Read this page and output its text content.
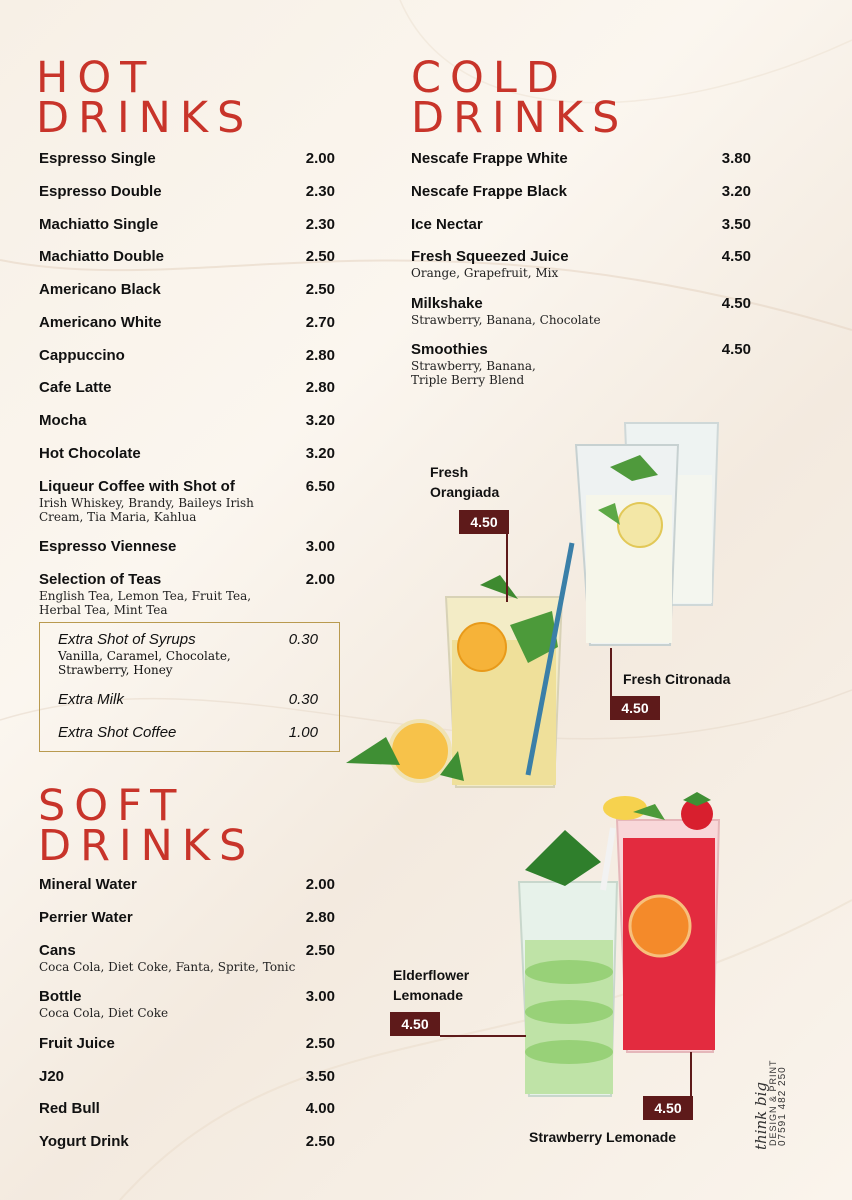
HOT
DRINKS
Espresso Single	2.00
Espresso Double	2.30
Machiatto Single	2.30
Machiatto Double	2.50
Americano Black	2.50
Americano White	2.70
Cappuccino	2.80
Cafe Latte	2.80
Mocha	3.20
Hot Chocolate	3.20
Liqueur Coffee with Shot of	6.50
Irish Whiskey, Brandy, Baileys Irish Cream, Tia Maria, Kahlua
Espresso Viennese	3.00
Selection of Teas	2.00
English Tea, Lemon Tea, Fruit Tea, Herbal Tea, Mint Tea
Extra Shot of Syrups	0.30
Vanilla, Caramel, Chocolate, Strawberry, Honey
Extra Milk	0.30
Extra Shot Coffee	1.00
COLD
DRINKS
Nescafe Frappe White	3.80
Nescafe Frappe Black	3.20
Ice Nectar	3.50
Fresh Squeezed Juice	4.50
Orange, Grapefruit, Mix
Milkshake	4.50
Strawberry, Banana, Chocolate
Smoothies	4.50
Strawberry, Banana, Triple Berry Blend
SOFT
DRINKS
Mineral Water	2.00
Perrier Water	2.80
Cans	2.50
Coca Cola, Diet Coke, Fanta, Sprite, Tonic
Bottle	3.00
Coca Cola, Diet Coke
Fruit Juice	2.50
J20	3.50
Red Bull	4.00
Yogurt Drink	2.50
Fresh
Orangiada
4.50
Fresh Citronada
4.50
Elderflower
Lemonade
4.50
4.50
Strawberry Lemonade	think big
DESIGN & PRINT 07591 482 250
